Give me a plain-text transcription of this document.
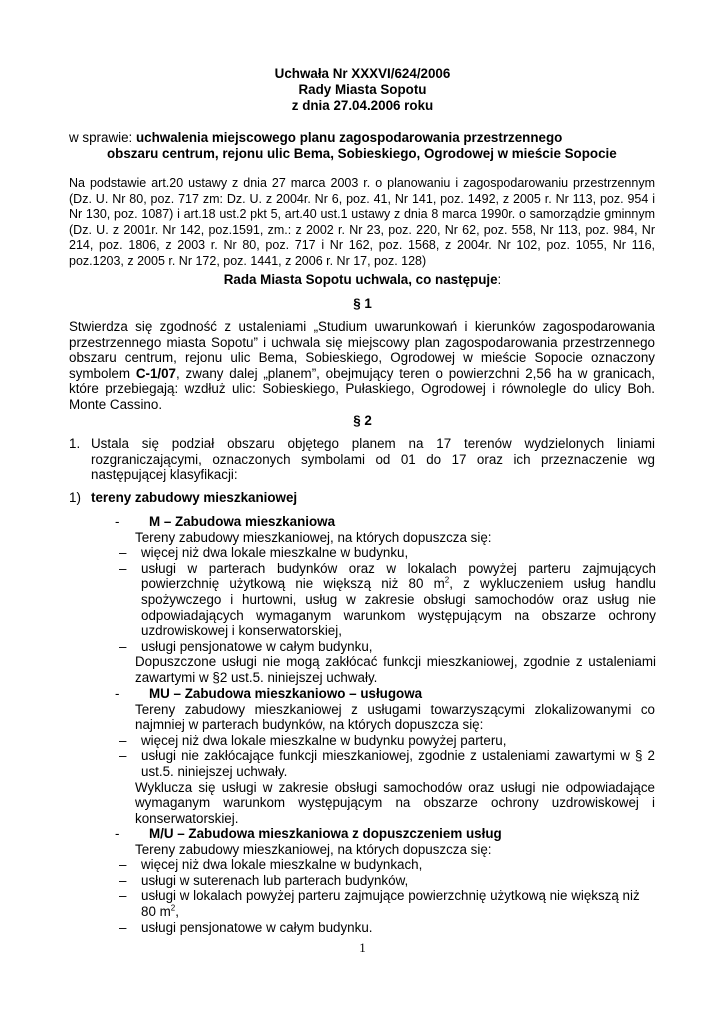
Uchwała Nr XXXVI/624/2006
Rady Miasta Sopotu
z dnia 27.04.2006 roku
w sprawie: uchwalenia miejscowego planu zagospodarowania przestrzennego
obszaru centrum, rejonu ulic Bema, Sobieskiego, Ogrodowej w mieście Sopocie
Na podstawie art.20 ustawy z dnia 27 marca 2003 r. o planowaniu i zagospodarowaniu przestrzennym (Dz. U. Nr 80, poz. 717 zm: Dz. U. z 2004r. Nr 6, poz. 41, Nr 141, poz. 1492, z 2005 r. Nr 113, poz. 954 i Nr 130, poz. 1087) i art.18 ust.2 pkt 5, art.40 ust.1 ustawy z dnia 8 marca 1990r. o samorządzie gminnym (Dz. U. z 2001r. Nr 142, poz.1591, zm.: z 2002 r. Nr 23, poz. 220, Nr 62, poz. 558, Nr 113, poz. 984, Nr 214, poz. 1806, z 2003 r. Nr 80, poz. 717 i Nr 162, poz. 1568, z 2004r. Nr 102, poz. 1055, Nr 116, poz.1203, z 2005 r. Nr 172, poz. 1441, z 2006 r. Nr 17, poz. 128)
Rada Miasta Sopotu uchwala, co następuje:
§ 1
Stwierdza się zgodność z ustaleniami „Studium uwarunkowań i kierunków zagospodarowania przestrzennego miasta Sopotu” i uchwala się miejscowy plan zagospodarowania przestrzennego obszaru centrum, rejonu ulic Bema, Sobieskiego, Ogrodowej w mieście Sopocie oznaczony symbolem C-1/07, zwany dalej „planem”, obejmujący teren o powierzchni 2,56 ha w granicach, które przebiegają: wzdłuż ulic: Sobieskiego, Pułaskiego, Ogrodowej i równolegle do ulicy Boh. Monte Cassino.
§ 2
1. Ustala się podział obszaru objętego planem na 17 terenów wydzielonych liniami rozgraniczającymi, oznaczonych symbolami od 01 do 17 oraz ich przeznaczenie wg następującej klasyfikacji:
1) tereny zabudowy mieszkaniowej
- M – Zabudowa mieszkaniowa
Tereny zabudowy mieszkaniowej, na których dopuszcza się:
– więcej niż dwa lokale mieszkalne w budynku,
– usługi w parterach budynków oraz w lokalach powyżej parteru zajmujących powierzchnię użytkową nie większą niż 80 $m^2$, z wykluczeniem usług handlu spożywczego i hurtowni, usług w zakresie obsługi samochodów oraz usług nie odpowiadających wymaganym warunkom występującym na obszarze ochrony uzdrowiskowej i konserwatorskiej,
– usługi pensjonatowe w całym budynku,
Dopuszczone usługi nie mogą zakłócać funkcji mieszkaniowej, zgodnie z ustaleniami zawartymi w §2 ust.5. niniejszej uchwały.
- MU – Zabudowa mieszkaniowo – usługowa
Tereny zabudowy mieszkaniowej z usługami towarzyszącymi zlokalizowanymi co najmniej w parterach budynków, na których dopuszcza się:
– więcej niż dwa lokale mieszkalne w budynku powyżej parteru,
– usługi nie zakłócające funkcji mieszkaniowej, zgodnie z ustaleniami zawartymi w § 2 ust.5. niniejszej uchwały.
Wyklucza się usługi w zakresie obsługi samochodów oraz usługi nie odpowiadające wymaganym warunkom występującym na obszarze ochrony uzdrowiskowej i konserwatorskiej.
- M/U – Zabudowa mieszkaniowa z dopuszczeniem usług
Tereny zabudowy mieszkaniowej, na których dopuszcza się:
– więcej niż dwa lokale mieszkalne w budynkach,
– usługi w suterenach lub parterach budynków,
– usługi w lokalach powyżej parteru zajmujące powierzchnię użytkową nie większą niż 80 $m^2$,
– usługi pensjonatowe w całym budynku.
1
